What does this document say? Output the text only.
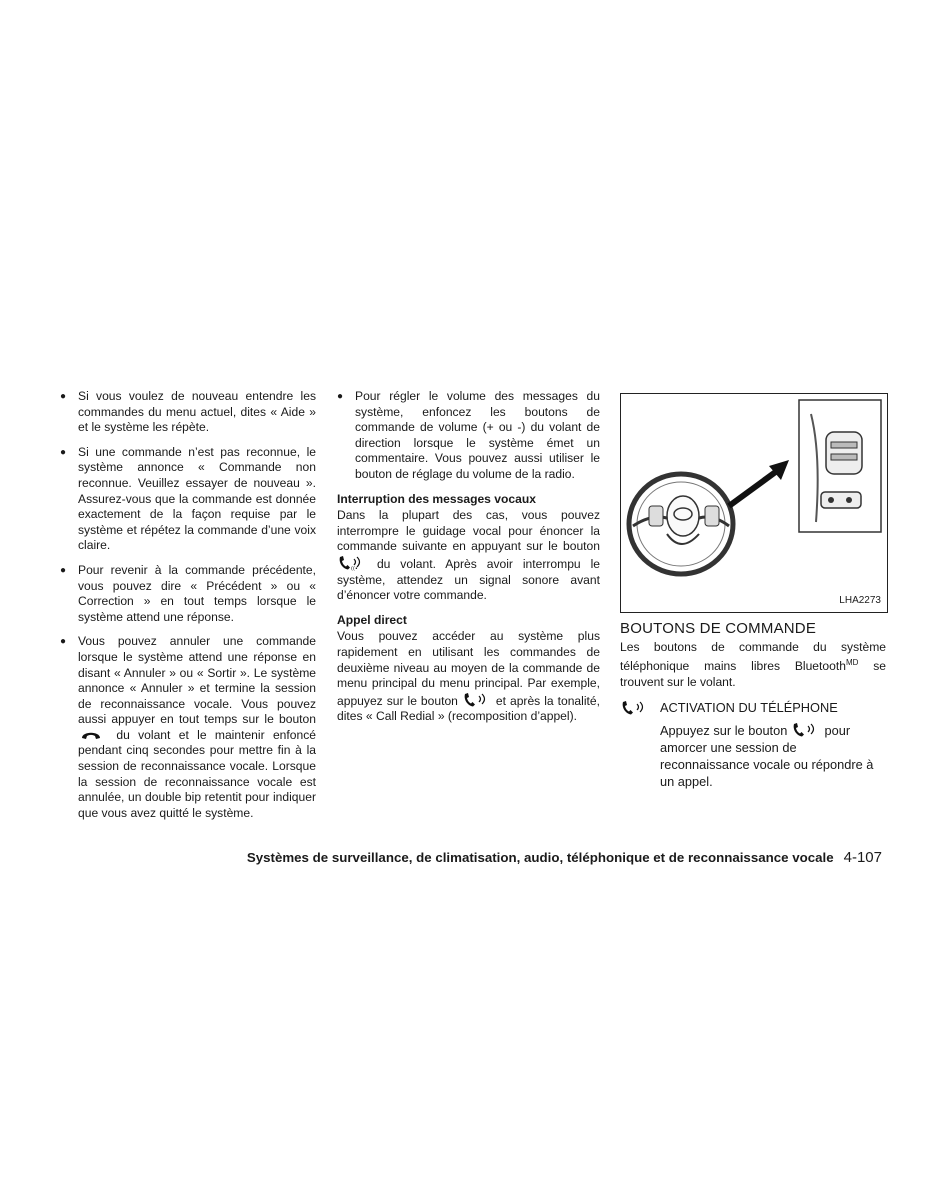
● Si vous voulez de nouveau entendre les commandes du menu actuel, dites « Aide » et le système les répète.

● Si une commande n’est pas reconnue, le système annonce « Commande non reconnue. Veuillez essayer de nouveau ». Assurez-vous que la commande est donnée exactement de la façon requise par le système et répétez la commande d’une voix claire.

● Pour revenir à la commande précédente, vous pouvez dire « Précédent » ou « Correction » en tout temps lorsque le système attend une réponse.

● Vous pouvez annuler une commande lorsque le système attend une réponse en disant « Annuler » ou « Sortir ». Le système annonce « Annuler » et termine la session de reconnaissance vocale. Vous pouvez aussi appuyer en tout temps sur le bouton  du volant et le maintenir enfoncé pendant cinq secondes pour mettre fin à la session de reconnaissance vocale. Lorsque la session de reconnaissance vocale est annulée, un double bip retentit pour indiquer que vous avez quitté le système.

● Pour régler le volume des messages du système, enfoncez les boutons de commande de volume (+ ou -) du volant de direction lorsque le système émet un commentaire. Vous pouvez aussi utiliser le bouton de réglage du volume de la radio.

Interruption des messages vocaux

Dans la plupart des cas, vous pouvez interrompre le guidage vocal pour énoncer la commande suivante en appuyant sur le bouton
((• du volant. Après avoir interrompu le système, attendez un signal sonore avant d’énoncer votre commande.

Appel direct

Vous pouvez accéder au système plus rapidement en utilisant les commandes de deuxième niveau au moyen de la commande de menu principal du menu principal. Par exemple, appuyez sur le bouton	et après la tonalité, dites « Call Redial » (recomposition d’appel).

LHA2273

BOUTONS DE COMMANDE

Les boutons de commande du système téléphonique mains libres Bluetooth$^{MD}$ se trouvent sur le volant.

ACTIVATION DU TÉLÉPHONE

Appuyez sur le bouton	pour amorcer une session de reconnaissance vocale ou répondre à un appel.

Systèmes de surveillance, de climatisation, audio, téléphonique et de reconnaissance vocale 4-107
